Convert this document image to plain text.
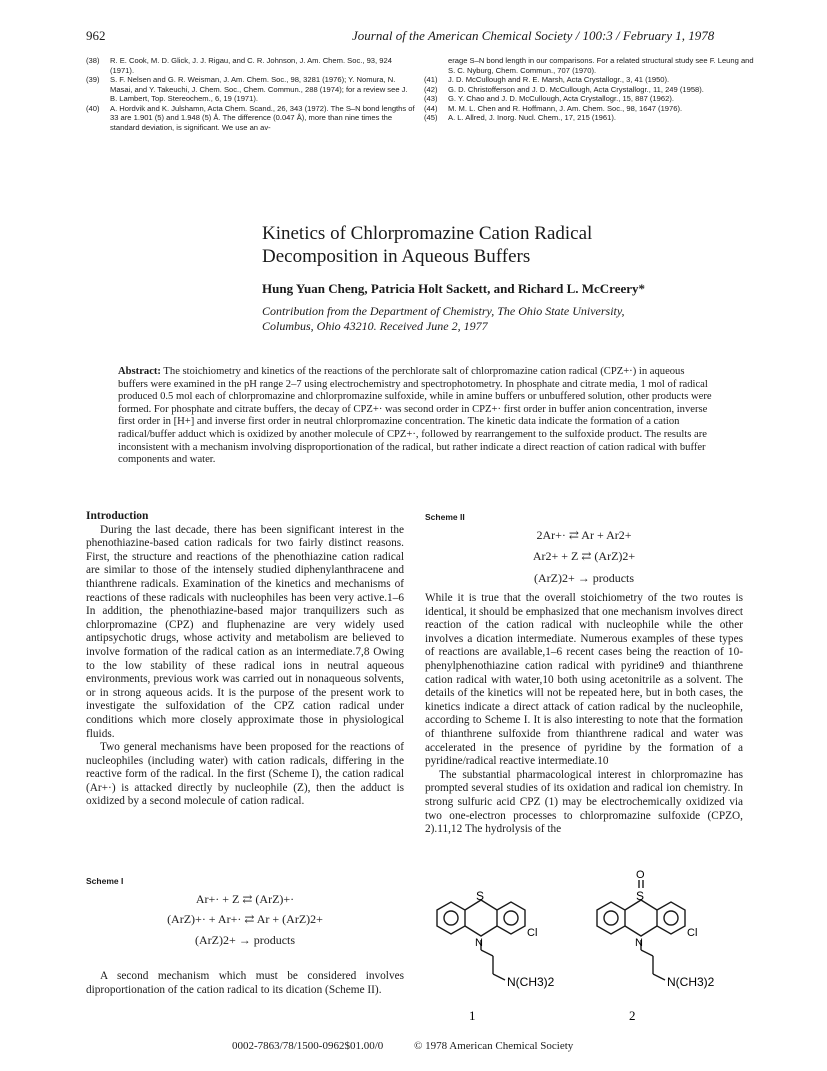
962	Journal of the American Chemical Society / 100:3 / February 1, 1978
(38) R. E. Cook, M. D. Glick, J. J. Rigau, and C. R. Johnson, J. Am. Chem. Soc., 93, 924 (1971).
(39) S. F. Nelsen and G. R. Weisman, J. Am. Chem. Soc., 98, 3281 (1976); Y. Nomura, N. Masai, and Y. Takeuchi, J. Chem. Soc., Chem. Commun., 288 (1974); for a review see J. B. Lambert, Top. Stereochem., 6, 19 (1971).
(40) A. Hordvik and K. Julshamn, Acta Chem. Scand., 26, 343 (1972). The S–N bond lengths of 33 are 1.901 (5) and 1.948 (5) Å. The difference (0.047 Å), more than nine times the standard deviation, is significant. We use an av-
erage S–N bond length in our comparisons. For a related structural study see F. Leung and S. C. Nyburg, Chem. Commun., 707 (1970).
(41) J. D. McCullough and R. E. Marsh, Acta Crystallogr., 3, 41 (1950).
(42) G. D. Christofferson and J. D. McCullough, Acta Crystallogr., 11, 249 (1958).
(43) G. Y. Chao and J. D. McCullough, Acta Crystallogr., 15, 887 (1962).
(44) M. M. L. Chen and R. Hoffmann, J. Am. Chem. Soc., 98, 1647 (1976).
(45) A. L. Allred, J. Inorg. Nucl. Chem., 17, 215 (1961).
Kinetics of Chlorpromazine Cation Radical
Decomposition in Aqueous Buffers
Hung Yuan Cheng, Patricia Holt Sackett, and Richard L. McCreery*
Contribution from the Department of Chemistry, The Ohio State University,
Columbus, Ohio 43210. Received June 2, 1977
Abstract: The stoichiometry and kinetics of the reactions of the perchlorate salt of chlorpromazine cation radical (CPZ+·) in aqueous buffers were examined in the pH range 2–7 using electrochemistry and spectrophotometry. In phosphate and citrate media, 1 mol of radical produced 0.5 mol each of chlorpromazine and chlorpromazine sulfoxide, while in amine buffers or unbuffered solution, other products were formed. For phosphate and citrate buffers, the decay of CPZ+· was second order in CPZ+· first order in buffer anion concentration, inverse first order in [H+] and inverse first order in neutral chlorpromazine concentration. The kinetic data indicate the formation of a cation radical/buffer adduct which is oxidized by another molecule of CPZ+·, followed by rearrangement to the sulfoxide product. The results are inconsistent with a mechanism involving disproportionation of the radical, but rather indicate a direct reaction of cation radical with buffer components and water.
Introduction
During the last decade, there has been significant interest in the phenothiazine-based cation radicals for two fairly distinct reasons. First, the structure and reactions of the phenothiazine cation radical are similar to those of the intensely studied diphenylanthracene and thianthrene radicals. Examination of the kinetics and mechanisms of reactions of these radicals with nucleophiles has been very active.1–6 In addition, the phenothiazine-based major tranquilizers such as chlorpromazine (CPZ) and fluphenazine are very widely used antipsychotic drugs, whose activity and metabolism are believed to involve formation of the radical cation as an intermediate.7,8 Owing to the low stability of these radical ions in neutral aqueous environments, previous work was carried out in nonaqueous solvents, or in strong aqueous acids. It is the purpose of the present work to investigate the sulfoxidation of the CPZ cation radical under conditions which more closely approximate those in physiological fluids.
Two general mechanisms have been proposed for the reactions of nucleophiles (including water) with cation radicals, differing in the reactive form of the radical. In the first (Scheme I), the cation radical (Ar+·) is attacked directly by nucleophile (Z), then the adduct is oxidized by a second molecule of cation radical.
Scheme I
Ar+· + Z ⇄ (ArZ)+·
(ArZ)+· + Ar+· ⇄ Ar + (ArZ)2+
(ArZ)2+ → products
A second mechanism which must be considered involves diproportionation of the cation radical to its dication (Scheme II).
Scheme II
2Ar+· ⇄ Ar + Ar2+
Ar2+ + Z ⇄ (ArZ)2+
(ArZ)2+ → products
While it is true that the overall stoichiometry of the two routes is identical, it should be emphasized that one mechanism involves direct reaction of the cation radical with nucleophile while the other involves a dication intermediate. Numerous examples of these types of reactions are available,1–6 recent cases being the reaction of 10-phenylphenothiazine cation radical with pyridine9 and thianthrene cation radical with water,10 both using acetonitrile as a solvent. The details of the kinetics will not be repeated here, but in both cases, the kinetics indicate a direct attack of cation radical by the nucleophile, according to Scheme I. It is also interesting to note that the formation of thianthrene sulfoxide from thianthrene radical and water was accelerated in the presence of pyridine by the formation of a pyridine/radical reactive intermediate.10
The substantial pharmacological interest in chlorpromazine has prompted several studies of its oxidation and radical ion chemistry. In strong sulfuric acid CPZ (1) may be electrochemically oxidized via two one-electron processes to chlorpromazine sulfoxide (CPZO, 2).11,12 The hydrolysis of the
S
N
Cl
N(CH3)2
1
O
S
N
Cl
N(CH3)2
2
0002-7863/78/1500-0962$01.00/0	© 1978 American Chemical Society
